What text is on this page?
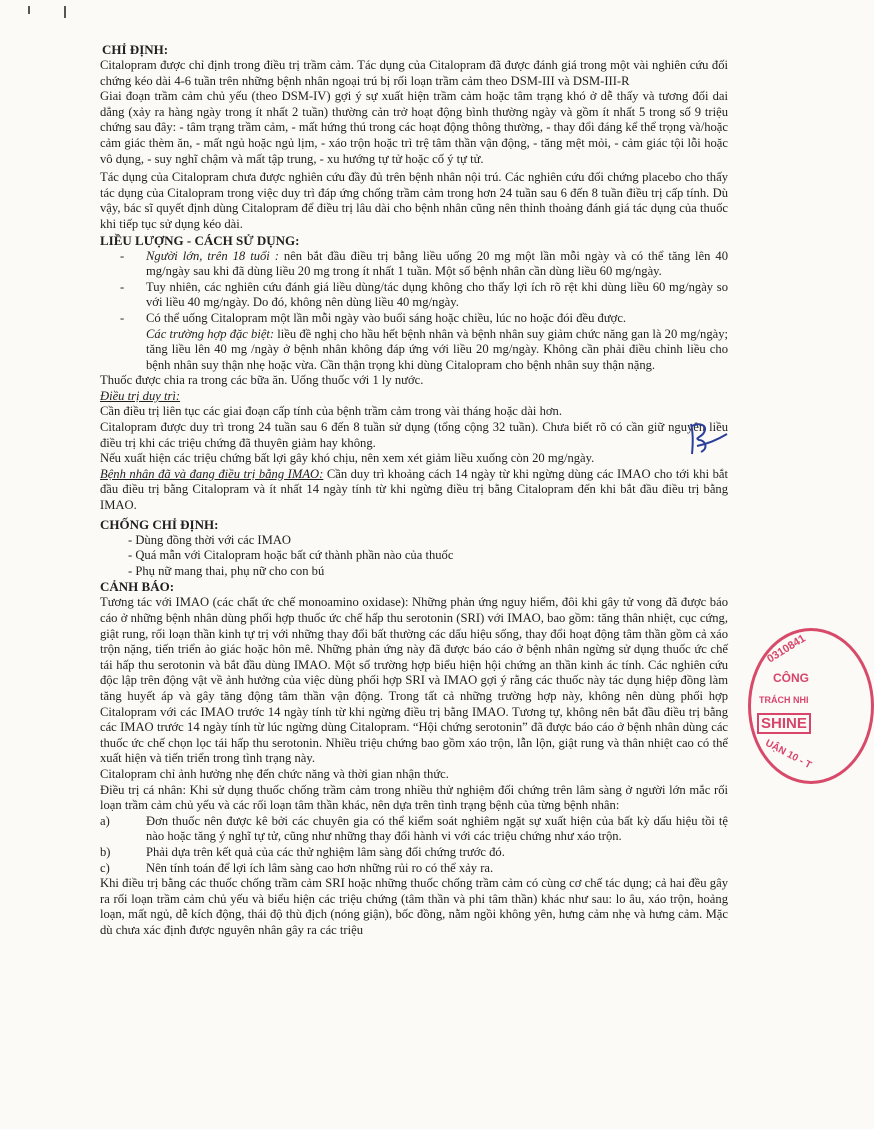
CHỈ ĐỊNH:
Citalopram được chỉ định trong điều trị trầm cảm. Tác dụng của Citalopram đã được đánh giá trong một vài nghiên cứu đối chứng kéo dài 4-6 tuần trên những bệnh nhân ngoại trú bị rối loạn trầm cảm theo DSM-III và DSM-III-R
Giai đoạn trầm cảm chủ yếu (theo DSM-IV) gợi ý sự xuất hiện trầm cảm hoặc tâm trạng khó ở dễ thấy và tương đối dai dẳng (xảy ra hàng ngày trong ít nhất 2 tuần) thường cản trở hoạt động bình thường ngày và gồm ít nhất 5 trong số 9 triệu chứng sau đây: - tâm trạng trầm cảm, - mất hứng thú trong các hoạt động thông thường, - thay đổi đáng kể thể trọng và/hoặc cảm giác thèm ăn, - mất ngủ hoặc ngủ lịm, - xáo trộn hoặc trì trệ tâm thần vận động, - tăng mệt mỏi, - cảm giác tội lỗi hoặc vô dụng, - suy nghĩ chậm và mất tập trung, - xu hướng tự tử hoặc cố ý tự tử.
Tác dụng của Citalopram chưa được nghiên cứu đầy đủ trên bệnh nhân nội trú. Các nghiên cứu đối chứng placebo cho thấy tác dụng của Citalopram trong việc duy trì đáp ứng chống trầm cảm trong hơn 24 tuần sau 6 đến 8 tuần điều trị cấp tính. Dù vậy, bác sĩ quyết định dùng Citalopram để điều trị lâu dài cho bệnh nhân cũng nên thỉnh thoảng đánh giá tác dụng của thuốc khi tiếp tục sử dụng kéo dài.
LIỀU LƯỢNG - CÁCH SỬ DỤNG:
- Người lớn, trên 18 tuổi : nên bắt đầu điều trị bằng liều uống 20 mg một lần mỗi ngày và có thể tăng lên 40 mg/ngày sau khi đã dùng liều 20 mg trong ít nhất 1 tuần. Một số bệnh nhân cần dùng liều 60 mg/ngày.
- Tuy nhiên, các nghiên cứu đánh giá liều dùng/tác dụng không cho thấy lợi ích rõ rệt khi dùng liều 60 mg/ngày so với liều 40 mg/ngày. Do đó, không nên dùng liều 40 mg/ngày.
- Có thể uống Citalopram một lần mỗi ngày vào buổi sáng hoặc chiều, lúc no hoặc đói đều được.
Các trường hợp đặc biệt: liều đề nghị cho hầu hết bệnh nhân và bệnh nhân suy giảm chức năng gan là 20 mg/ngày; tăng liều lên 40 mg /ngày ở bệnh nhân không đáp ứng với liều 20 mg/ngày. Không cần phải điều chỉnh liều cho bệnh nhân suy thận nhẹ hoặc vừa. Cần thận trọng khi dùng Citalopram cho bệnh nhân suy thận nặng.
Thuốc được chia ra trong các bữa ăn. Uống thuốc với 1 ly nước.
Điều trị duy trì:
Cần điều trị liên tục các giai đoạn cấp tính của bệnh trầm cảm trong vài tháng hoặc dài hơn.
Citalopram được duy trì trong 24 tuần sau 6 đến 8 tuần sử dụng (tổng cộng 32 tuần). Chưa biết rõ có cần giữ nguyên liều điều trị khi các triệu chứng đã thuyên giảm hay không.
Nếu xuất hiện các triệu chứng bất lợi gây khó chịu, nên xem xét giảm liều xuống còn 20 mg/ngày.
Bệnh nhân đã và đang điều trị bằng IMAO: Cần duy trì khoảng cách 14 ngày từ khi ngừng dùng các IMAO cho tới khi bắt đầu điều trị bằng Citalopram và ít nhất 14 ngày tính từ khi ngừng điều trị bằng Citalopram đến khi bắt đầu điều trị bằng IMAO.
CHỐNG CHỈ ĐỊNH:
- Dùng đồng thời với các IMAO
- Quá mẫn với Citalopram hoặc bất cứ thành phần nào của thuốc
- Phụ nữ mang thai, phụ nữ cho con bú
CẢNH BÁO:
Tương tác với IMAO (các chất ức chế monoamino oxidase): Những phản ứng nguy hiểm, đôi khi gây tử vong đã được báo cáo ở những bệnh nhân dùng phối hợp thuốc ức chế hấp thu serotonin (SRI) với IMAO, bao gồm: tăng thân nhiệt, cục cứng, giật rung, rối loạn thần kinh tự trị với những thay đổi bất thường các dấu hiệu sống, thay đổi hoạt động tâm thần gồm cả xáo trộn nặng, tiến triển ảo giác hoặc hôn mê. Những phản ứng này đã được báo cáo ở bệnh nhân ngừng sử dụng thuốc ức chế tái hấp thu serotonin và bắt đầu dùng IMAO. Một số trường hợp biểu hiện hội chứng an thần kinh ác tính. Các nghiên cứu độc lập trên động vật về ảnh hưởng của việc dùng phối hợp SRI và IMAO gợi ý rằng các thuốc này tác dụng hiệp đồng làm tăng huyết áp và gây tăng động tâm thần vận động. Trong tất cả những trường hợp này, không nên dùng phối hợp Citalopram với các IMAO trước 14 ngày tính từ khi ngừng điều trị bằng IMAO. Tương tự, không nên bắt đầu điều trị bằng các IMAO trước 14 ngày tính từ lúc ngừng dùng Citalopram. “Hội chứng serotonin” đã được báo cáo ở bệnh nhân dùng các thuốc ức chế chọn lọc tái hấp thu serotonin. Nhiều triệu chứng bao gồm xáo trộn, lẫn lộn, giật rung và thân nhiệt cao có thể xuất hiện và tiến triển trong tình trạng này.
Citalopram chỉ ảnh hưởng nhẹ đến chức năng và thời gian nhận thức.
Điều trị cá nhân: Khi sử dụng thuốc chống trầm cảm trong nhiều thử nghiệm đối chứng trên lâm sàng ở người lớn mắc rối loạn trầm cảm chủ yếu và các rối loạn tâm thần khác, nên dựa trên tình trạng bệnh của từng bệnh nhân:
a)	Đơn thuốc nên được kê bởi các chuyên gia có thể kiểm soát nghiêm ngặt sự xuất hiện của bất kỳ dấu hiệu tồi tệ nào hoặc tăng ý nghĩ tự tử, cũng như những thay đổi hành vi với các triệu chứng như xáo trộn.
b)	Phải dựa trên kết quả của các thử nghiệm lâm sàng đối chứng trước đó.
c)	Nên tính toán để lợi ích lâm sàng cao hơn những rủi ro có thể xảy ra.
Khi điều trị bằng các thuốc chống trầm cảm SRI hoặc những thuốc chống trầm cảm có cùng cơ chế tác dụng; cả hai đều gây ra rối loạn trầm cảm chủ yếu và biểu hiện các triệu chứng (tâm thần và phi tâm thần) khác như sau: lo âu, xáo trộn, hoảng loạn, mất ngủ, dễ kích động, thái độ thù địch (nóng giận), bốc đồng, nằm ngồi không yên, hưng cảm nhẹ và hưng cảm. Mặc dù chưa xác định được nguyên nhân gây ra các triệu
0310841
CÔNG
TRÁCH NHI
SHINE
UẬN 10 - T
